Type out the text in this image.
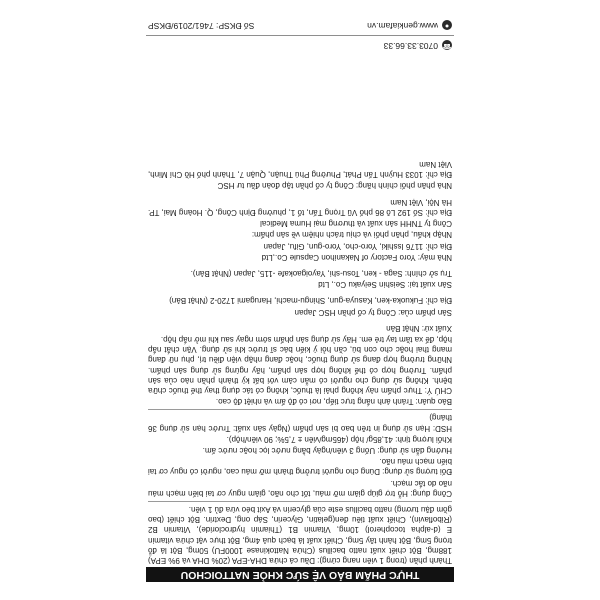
THỰC PHẨM BẢO VỆ SỨC KHỎE NATTOICHOU

Thành phần (trong 1 viên nang cứng): Dầu cá chứa DHA-EPA (20% DHA và 9% EPA) 188mg, Bột chiết xuất natto bacillus (Chứa Nattokinase 1000FU) 50mg, Bột lá đỗ trọng 5mg, Bột hành tây 5mg, Chiết xuất lá bạch quả 4mg, Bột thực vật chứa vitamin E (d-alpha tocopherol) 10mg, Vitamin B1 (Thiamin hydrocloride), Vitamin B2 (Riboflavin), Chiết xuất tiêu đen(gelatin, Glycerin, Sáp ong, Dextrin. Bột chiết (bao gồm đậu tương) natto bacillus este của glycerin và Axit béo vừa đủ 1 viên.

Công dụng: Hỗ trợ giúp giảm mỡ máu, tốt cho não, giảm nguy cơ tai biến mạch máu não do tắc mạch.

Đối tượng sử dụng: Dùng cho người trưởng thành mỡ máu cao, người có nguy cơ tai biến mạch máu não.

Hướng dẫn sử dụng: Uống 3 viên/ngày bằng nước lọc hoặc nước ấm.

Khối lượng tịnh: 41,85g/ hộp (465mg/viên ± 7,5%; 90 viên/hộp).

HSD: Hạn sử dụng in trên bao bì sản phẩm (Ngày sản xuất: Trước hạn sử dụng 36 tháng)

Bảo quản: Tránh ánh nắng trực tiếp, nơi có độ ẩm và nhiệt độ cao.

CHÚ Ý: Thực phẩm này không phải là thuốc, không có tác dụng thay thế thuốc chữa bệnh. Không sử dụng cho người có mẫn cảm với bất kỳ thành phần nào của sản phẩm. Trường hợp có thể không hợp sản phẩm, hãy ngừng sử dụng sản phẩm. Những trường hợp đang sử dụng thuốc, hoặc đang nhập viện điều trị, phụ nữ đang mang thai hoặc cho con bú, cần hỏi ý kiến bác sĩ trước khi sử dụng. Vận chắt nắp hộp, để xa tầm tay trẻ em. Hãy sử dụng sản phẩm sớm ngay sau khi mở nắp hộp.

Xuất xứ: Nhật Bản

Sản phẩm của: Công ty cổ phần HSC Japan

Địa chỉ: Fukuoka-ken, Kasuya-gun, Shingu-machi, Harugami 1720-2 (Nhật Bản)

Sản xuất tại: Seishin Seiyaku Co., Ltd

Trụ sở chính: Saga - ken, Tosu-shi, Yayoigaokafe -115, Japan (Nhật Bản).

Nhà máy: Yoro Factory of Nakanihon Capsule Co.,Ltd

Địa chỉ: 1176 Isshiki, Yoro-cho, Yoro-gun, Gifu, Japan

Nhập khẩu, phân phối và chịu trách nhiệm về sản phẩm:

Công ty TNHH sản xuất và thương mại Huma Medical

Địa chỉ: Số 192 Lô 86 phố Vũ Trọng Tấn, tổ 1, phường Định Công, Q. Hoàng Mai, TP. Hà Nội, Việt Nam

Nhà phân phối chính hãng: Công ty cổ phần tập đoàn đầu tư HSC

Địa chỉ: 1033 Huỳnh Tấn Phát, Phường Phú Thuận, Quận 7, Thành phố Hồ Chí Minh, Việt Nam

☎
0703.33.66.33
●
www.genkiafam.vn
Số ĐKSP: 7461/2019/ĐKSP
